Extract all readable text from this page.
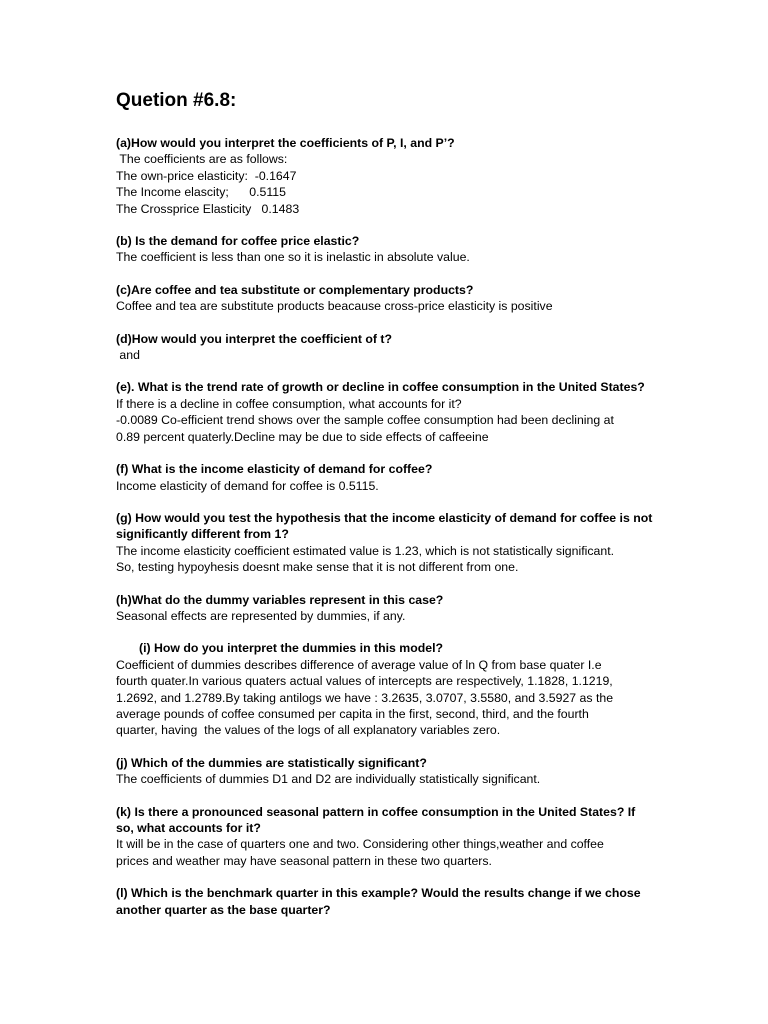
Quetion #6.8:
(a)How would you interpret the coefficients of P, I, and P’?
The coefficients are as follows:
The own-price elasticity:  -0.1647
The Income elascity;      0.5115
The Crossprice Elasticity   0.1483
(b) Is the demand for coffee price elastic?
The coefficient is less than one so it is inelastic in absolute value.
(c)Are coffee and tea substitute or complementary products?
Coffee and tea are substitute products beacause cross-price elasticity is positive
(d)How would you interpret the coefficient of t?
and
(e). What is the trend rate of growth or decline in coffee consumption in the United States?
If there is a decline in coffee consumption, what accounts for it?
-0.0089 Co-efficient trend shows over the sample coffee consumption had been declining at
0.89 percent quaterly.Decline may be due to side effects of caffeeine
(f) What is the income elasticity of demand for coffee?
Income elasticity of demand for coffee is 0.5115.
(g) How would you test the hypothesis that the income elasticity of demand for coffee is not significantly different from 1?
The income elasticity coefficient estimated value is 1.23, which is not statistically significant.
So, testing hypoyhesis doesnt make sense that it is not different from one.
(h)What do the dummy variables represent in this case?
Seasonal effects are represented by dummies, if any.
(i) How do you interpret the dummies in this model?
Coefficient of dummies describes difference of average value of ln Q from base quater I.e
fourth quater.In various quaters actual values of intercepts are respectively, 1.1828, 1.1219,
1.2692, and 1.2789.By taking antilogs we have : 3.2635, 3.0707, 3.5580, and 3.5927 as the
average pounds of coffee consumed per capita in the first, second, third, and the fourth
quarter, having  the values of the logs of all explanatory variables zero.
(j) Which of the dummies are statistically significant?
The coefficients of dummies D1 and D2 are individually statistically significant.
(k) Is there a pronounced seasonal pattern in coffee consumption in the United States? If so, what accounts for it?
It will be in the case of quarters one and two. Considering other things,weather and coffee
prices and weather may have seasonal pattern in these two quarters.
(l) Which is the benchmark quarter in this example? Would the results change if we chose another quarter as the base quarter?
